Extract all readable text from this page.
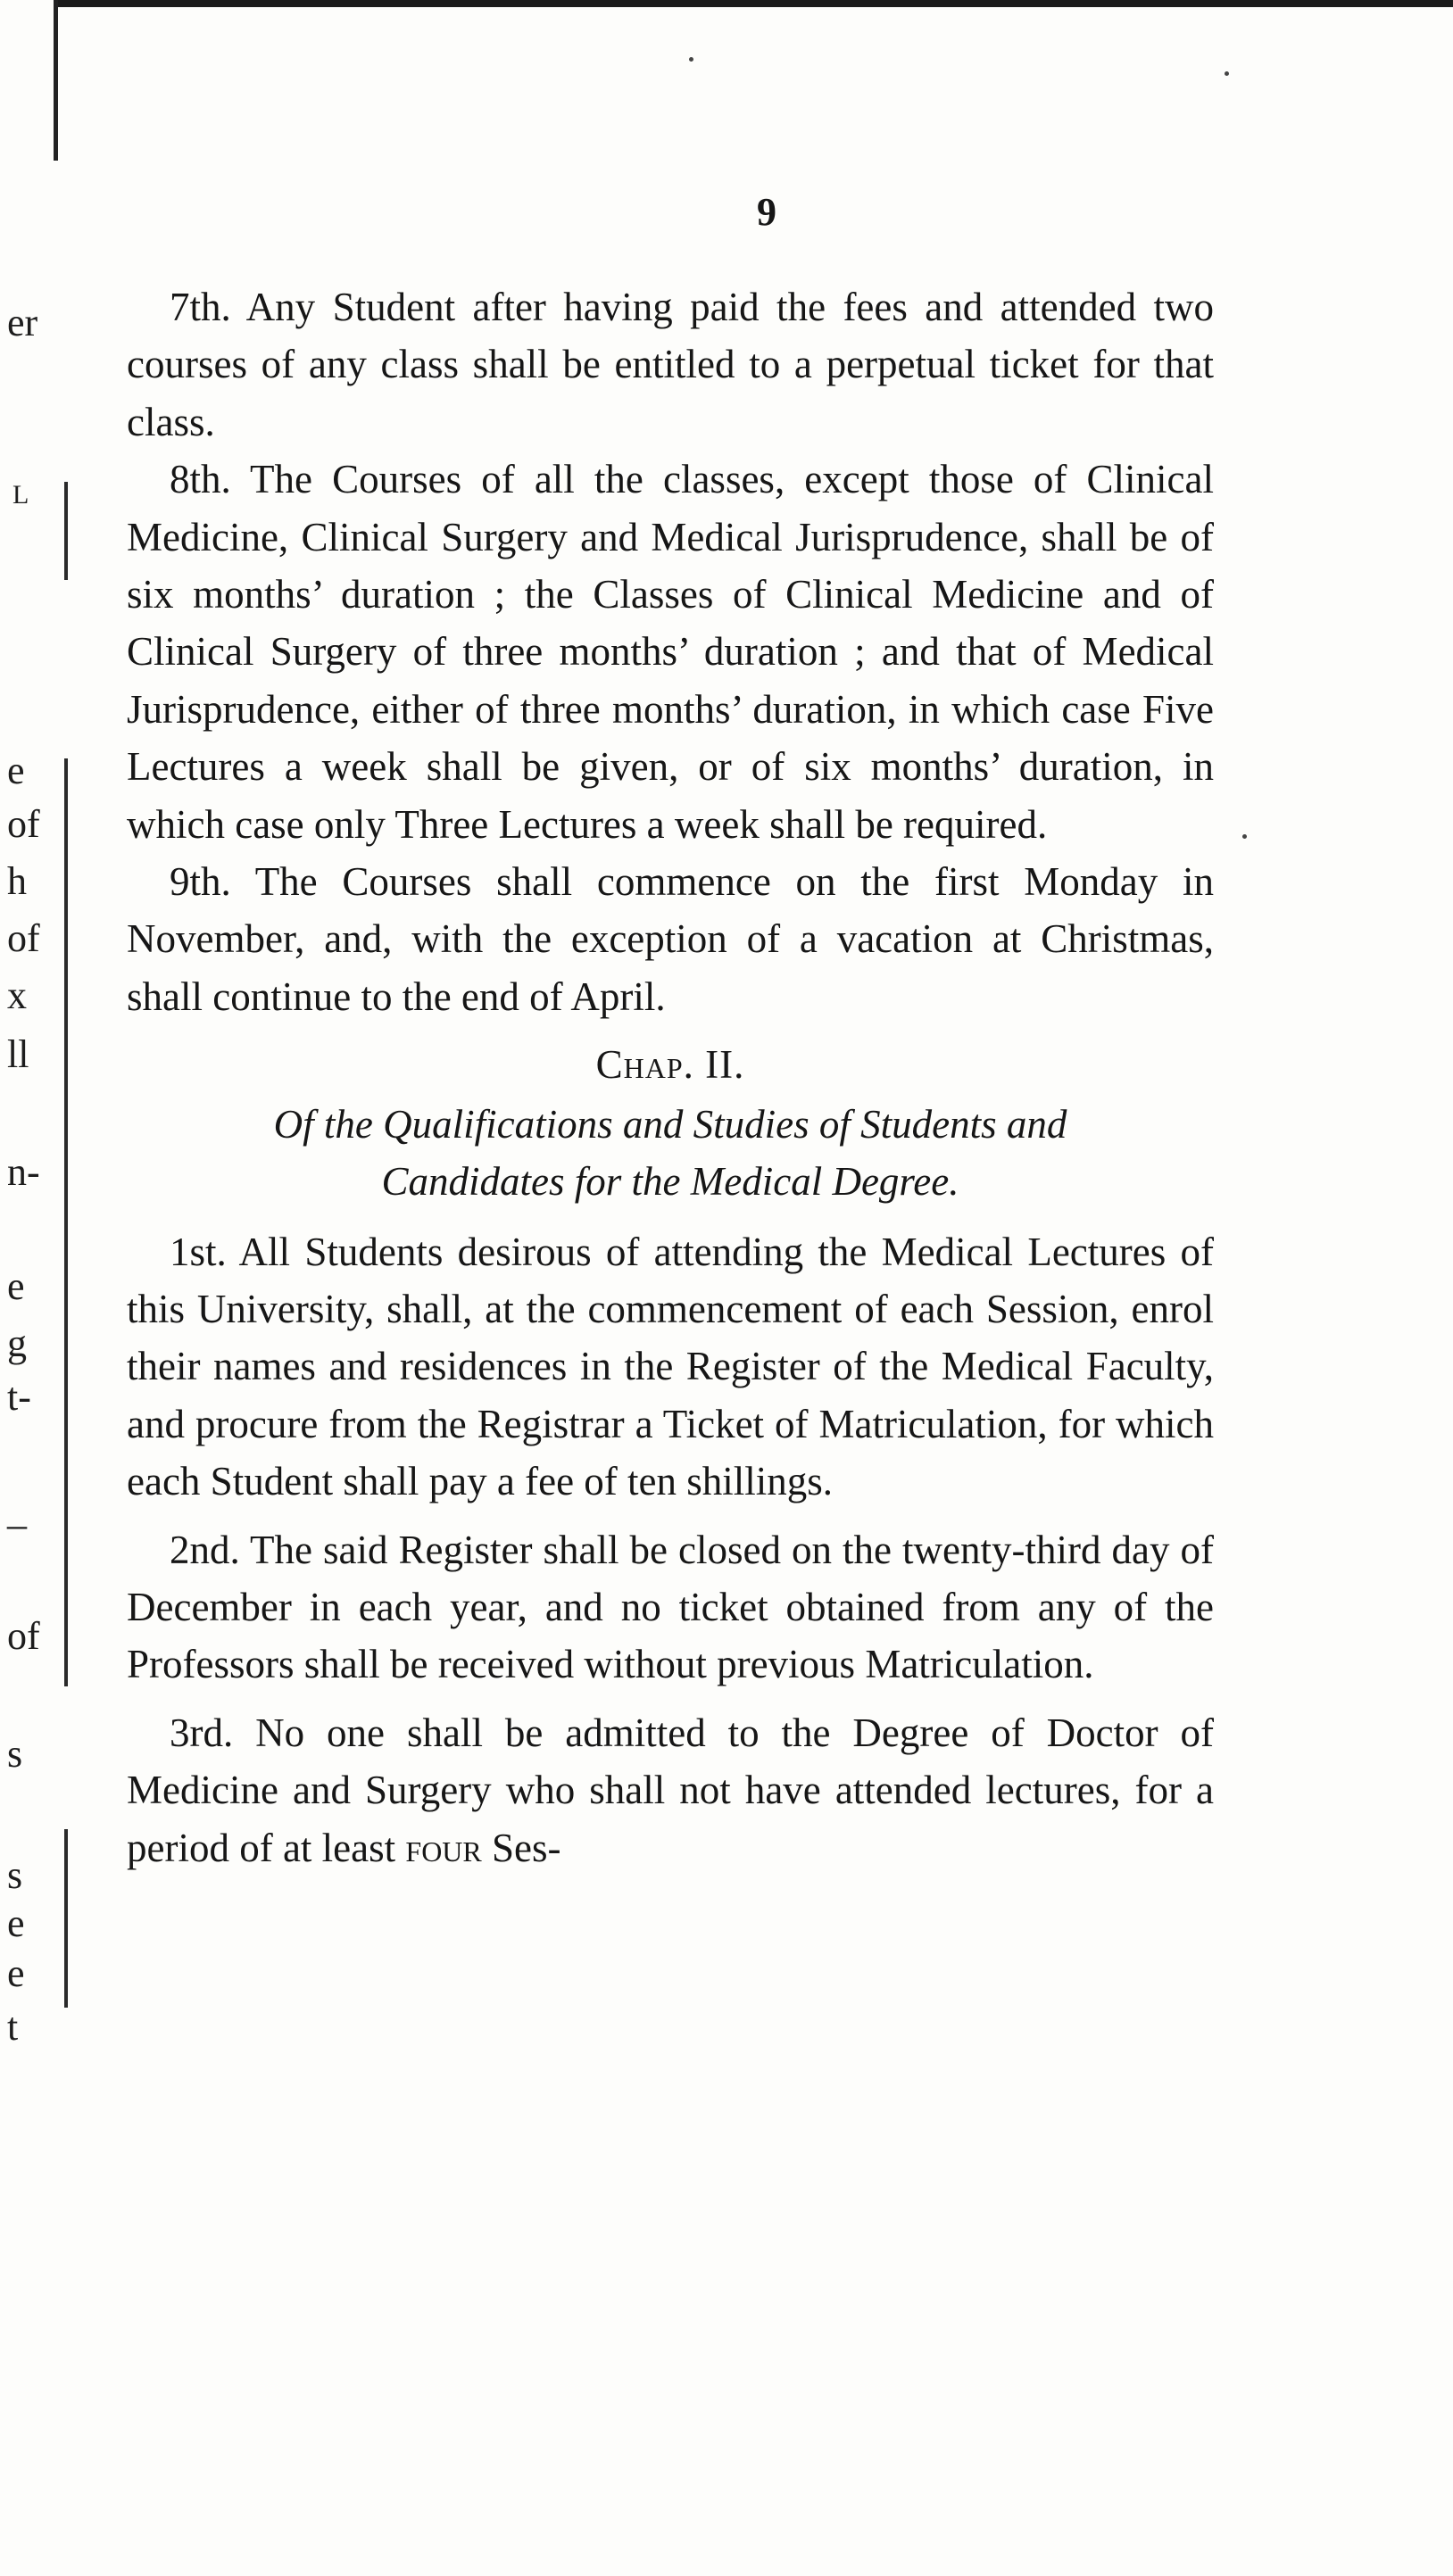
er
L
e
of
h
of
x
ll
n-
e
g
t-
_
of
s
s
e
e
t
9

7th. Any Student after having paid the fees and attended two courses of any class shall be entitled to a perpetual ticket for that class.

8th. The Courses of all the classes, except those of Clinical Medicine, Clinical Surgery and Medical Jurisprudence, shall be of six months’ duration ; the Classes of Clinical Medicine and of Clinical Surgery of three months’ duration ; and that of Medical Jurisprudence, either of three months’ duration, in which case Five Lectures a week shall be given, or of six months’ duration, in which case only Three Lectures a week shall be required.

9th. The Courses shall commence on the first Monday in November, and, with the exception of a vacation at Christmas, shall continue to the end of April.

Chap. II.

Of the Qualifications and Studies of Students and
Candidates for the Medical Degree.

1st. All Students desirous of attending the Medical Lectures of this University, shall, at the commencement of each Session, enrol their names and residences in the Register of the Medical Faculty, and procure from the Registrar a Ticket of Matriculation, for which each Student shall pay a fee of ten shillings.

2nd. The said Register shall be closed on the twenty-third day of December in each year, and no ticket obtained from any of the Professors shall be received without previous Matriculation.

3rd. No one shall be admitted to the Degree of Doctor of Medicine and Surgery who shall not have attended lectures, for a period of at least four Ses-
